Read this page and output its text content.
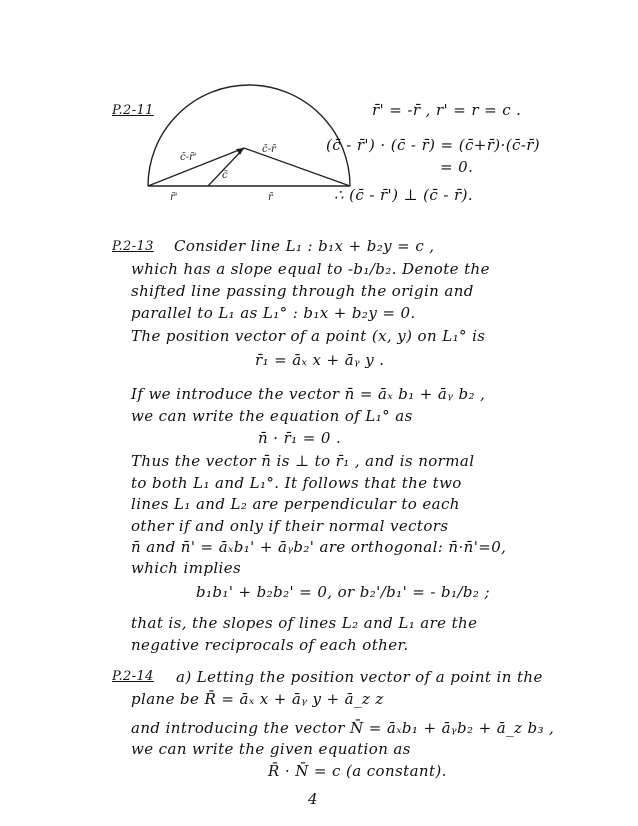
P.2-11
c̄-r̄'
c̄-r̄
c̄
r̄'	r̄
r̄' = -r̄ , r' = r = c .
(c̄ - r̄') · (c̄ - r̄) = (c̄+r̄)·(c̄-r̄)
= 0.
∴ (c̄ - r̄') ⊥ (c̄ - r̄).
P.2-13 Consider line L₁ : b₁x + b₂y = c ,
which has a slope equal to -b₁/b₂. Denote the
shifted line passing through the origin and
parallel to L₁ as L₁° : b₁x + b₂y = 0.
The position vector of a point (x, y) on L₁° is
r̄₁ = āₓ x + āᵧ y .
If we introduce the vector n̄ = āₓ b₁ + āᵧ b₂ ,
we can write the equation of L₁° as
n̄ · r̄₁ = 0 .
Thus the vector n̄ is ⊥ to r̄₁ , and is normal
to both L₁ and L₁°. It follows that the two
lines L₁ and L₂ are perpendicular to each
other if and only if their normal vectors
n̄ and n̄' = āₓb₁' + āᵧb₂' are orthogonal: n̄·n̄'=0,
which implies
b₁b₁' + b₂b₂' = 0, or b₂'/b₁' = - b₁/b₂ ;
that is, the slopes of lines L₂ and L₁ are the
negative reciprocals of each other.
P.2-14 a) Letting the position vector of a point in the
plane be R̄ = āₓ x + āᵧ y + ā_z z
and introducing the vector N̄ = āₓb₁ + āᵧb₂ + ā_z b₃ ,
we can write the given equation as
R̄ · N̄ = c (a constant).
4
